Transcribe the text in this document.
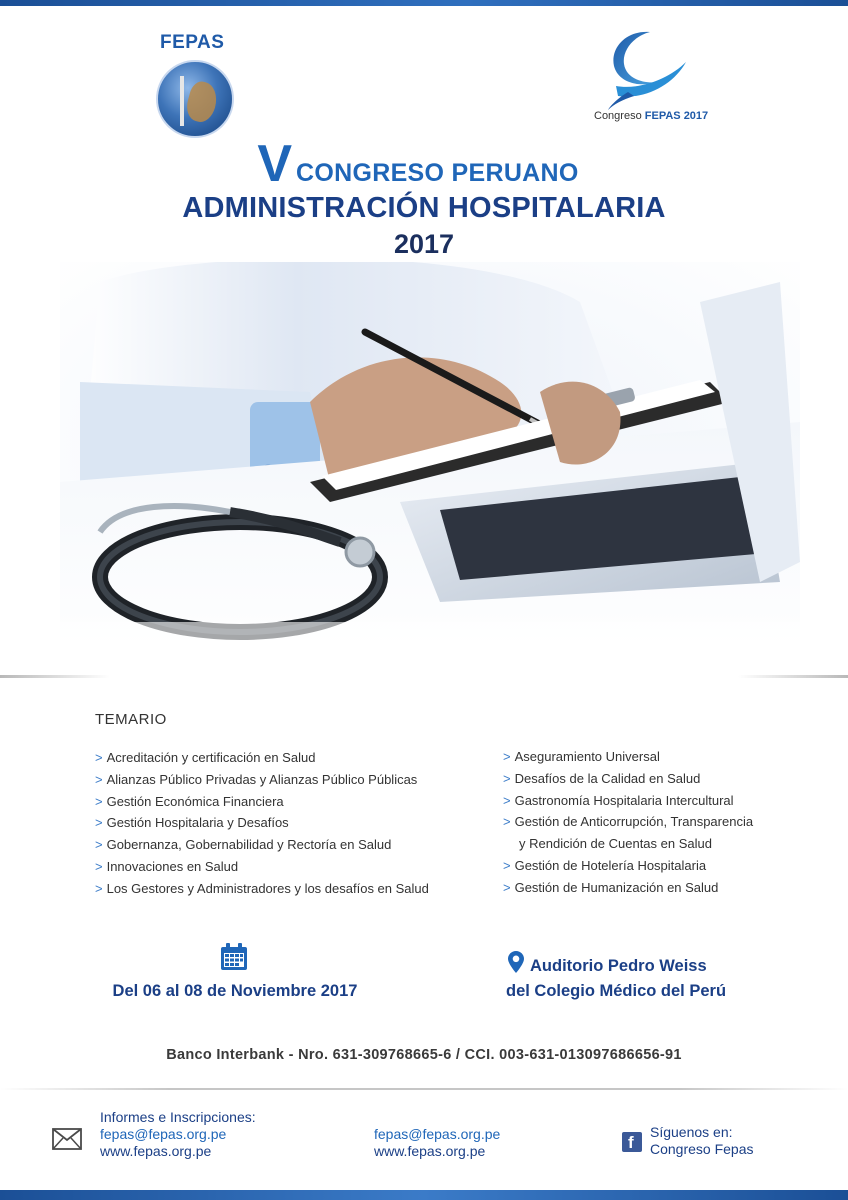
FEPAS
Congreso FEPAS 2017
V CONGRESO PERUANO
ADMINISTRACIÓN HOSPITALARIA
2017
TEMARIO
> Acreditación y certificación en Salud
> Alianzas Público Privadas y Alianzas Público Públicas
> Gestión Económica Financiera
> Gestión Hospitalaria y Desafíos
> Gobernanza, Gobernabilidad y Rectoría en Salud
> Innovaciones en Salud
> Los Gestores y Administradores y los desafíos en Salud
> Aseguramiento Universal
> Desafíos de la Calidad en Salud
> Gastronomía Hospitalaria Intercultural
> Gestión de Anticorrupción, Transparencia
y Rendición de Cuentas en Salud
> Gestión de Hotelería Hospitalaria
> Gestión de Humanización en Salud
Del 06 al 08 de Noviembre 2017
Auditorio Pedro Weiss
del Colegio Médico del Perú
Banco Interbank - Nro. 631-309768665-6 / CCI. 003-631-013097686656-91
Informes e Inscripciones:
fepas@fepas.org.pe
www.fepas.org.pe
fepas@fepas.org.pe
www.fepas.org.pe	f
Síguenos en:
Congreso Fepas
